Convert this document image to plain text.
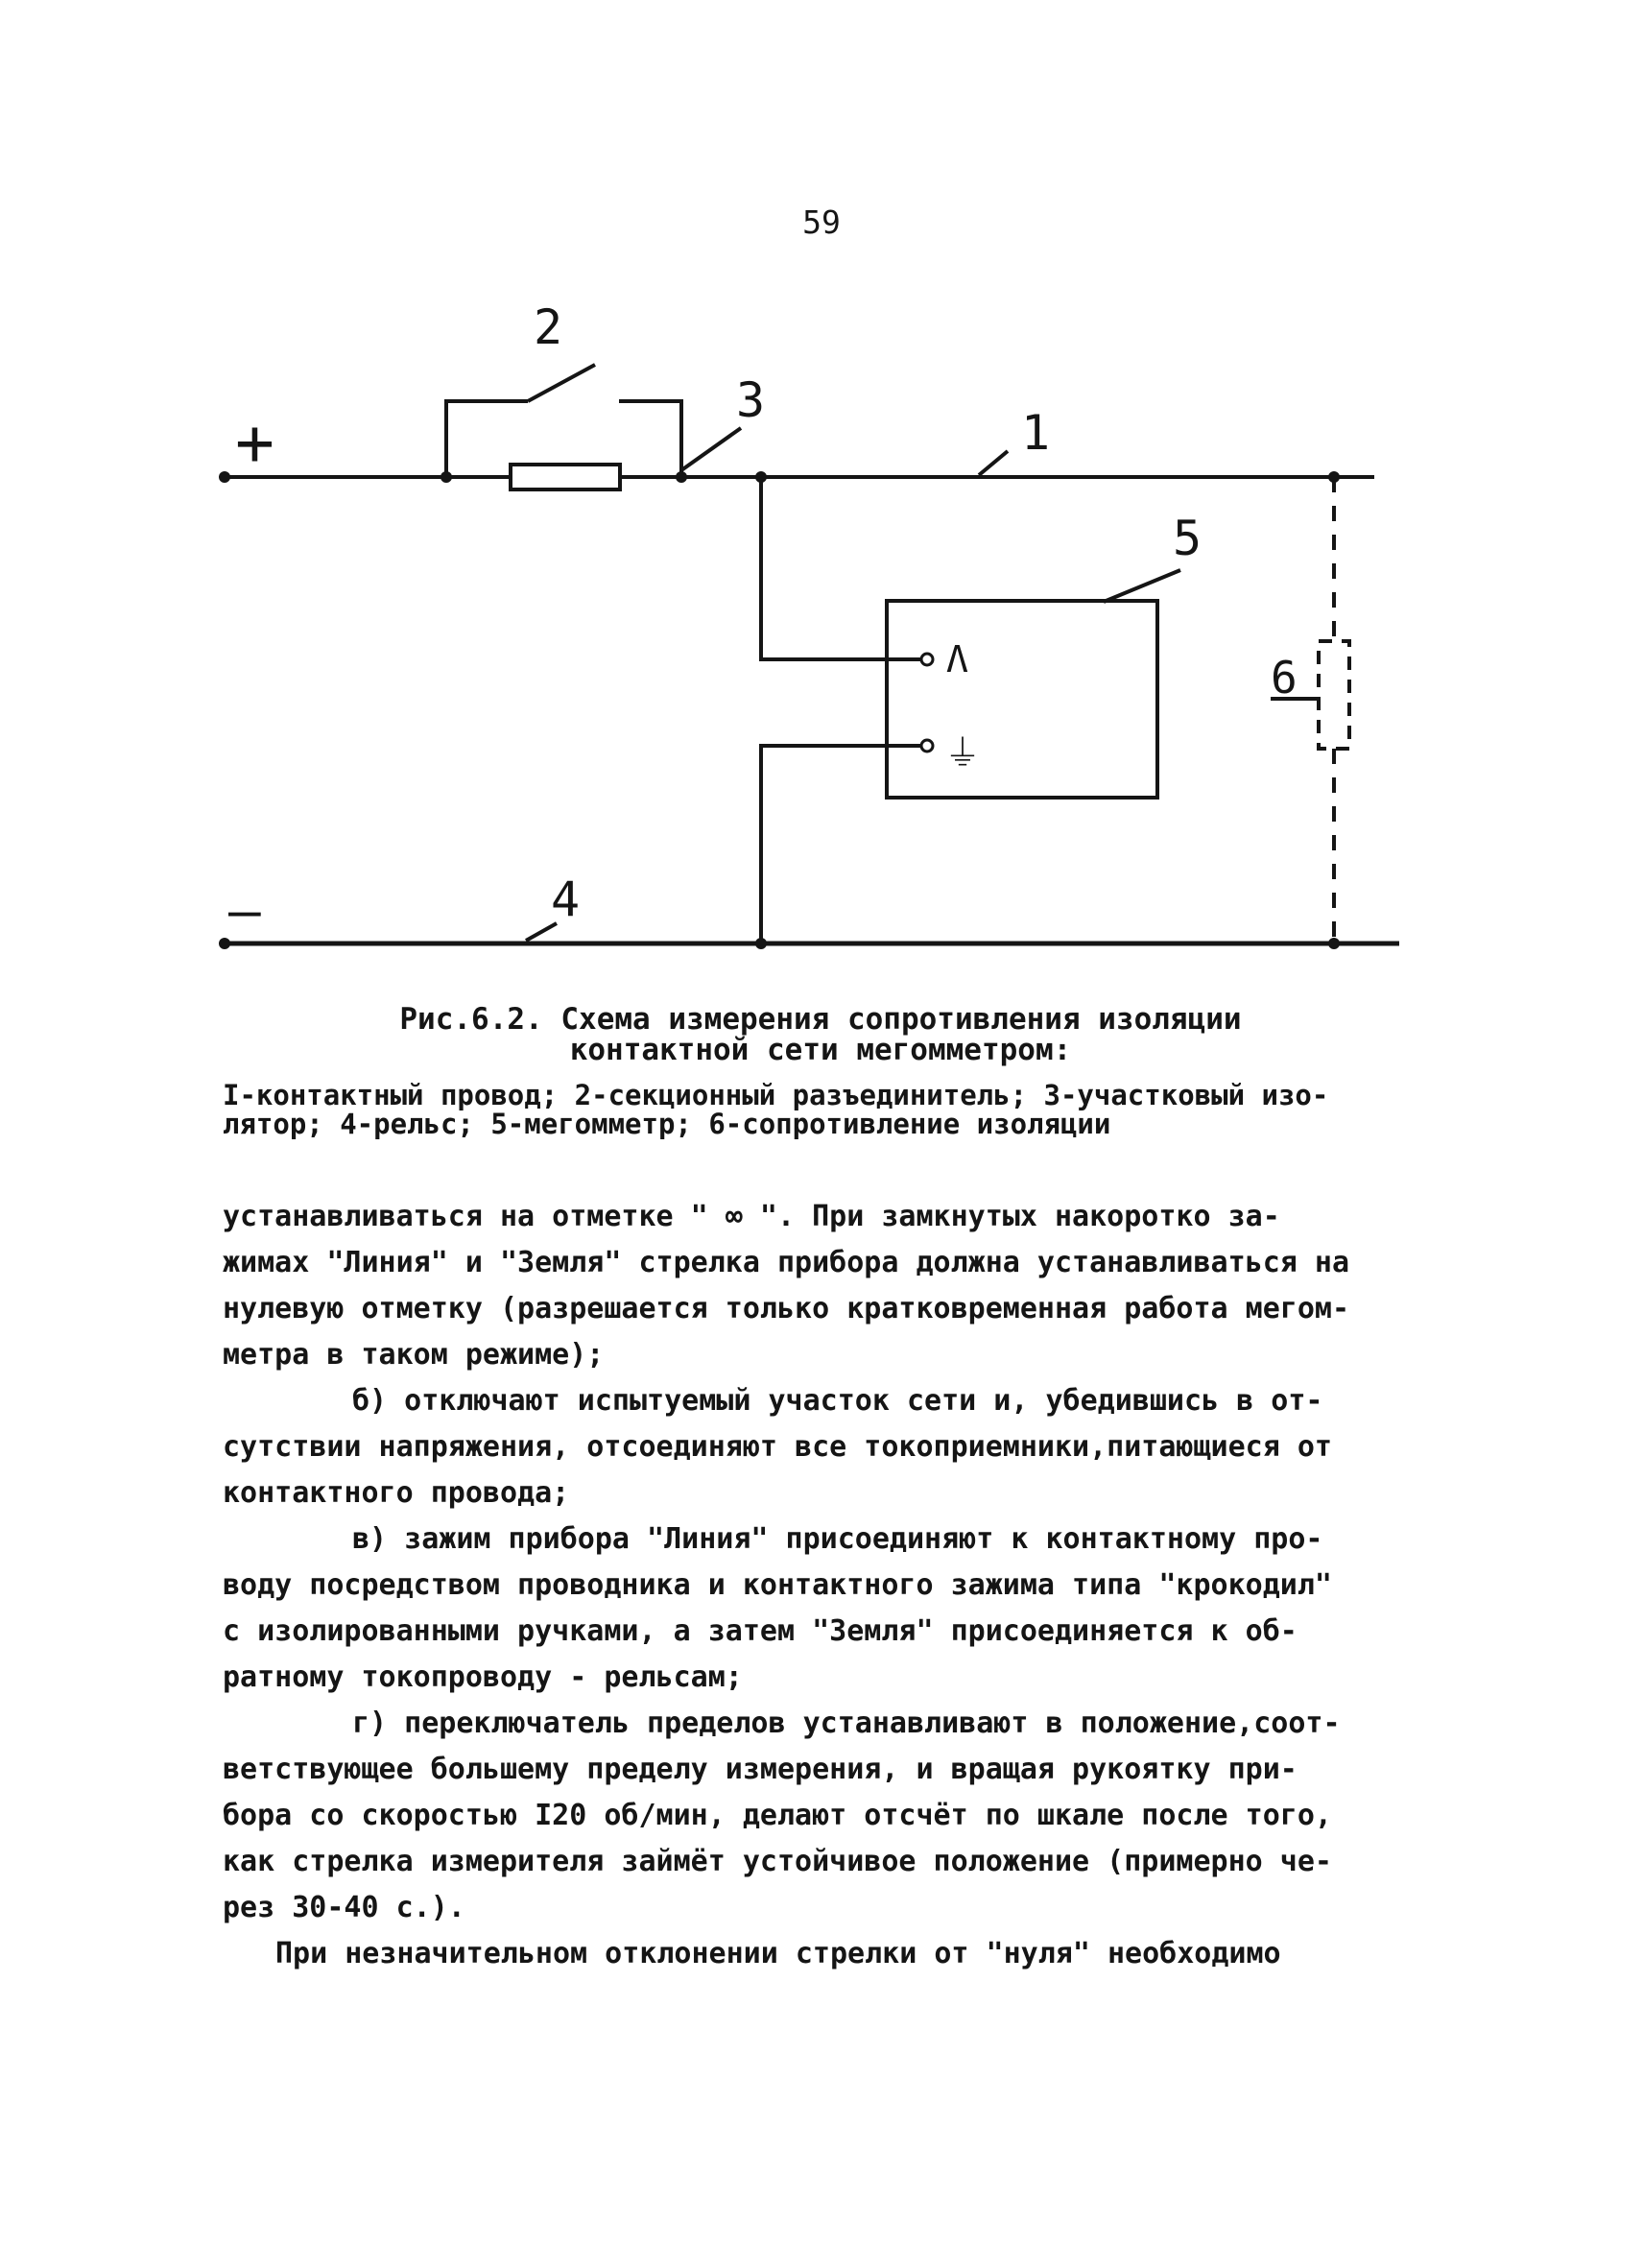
59
+
—
2
3
1
5
4
6
Λ
⏚
Рис.6.2. Схема измерения сопротивления изоляции
контактной сети мегомметром:
I-контактный провод; 2-секционный разъединитель; 3-участковый изо-
лятор; 4-рельс; 5-мегомметр; 6-сопротивление изоляции
устанавливаться на отметке " ∞ ". При замкнутых накоротко за-
жимах "Линия" и "Земля" стрелка прибора должна устанавливаться на
нулевую отметку (разрешается только кратковременная работа мегом-
метра в таком режиме);
б) отключают испытуемый участок сети и, убедившись в от-
сутствии напряжения, отсоединяют все токоприемники,питающиеся от
контактного провода;
в) зажим прибора "Линия" присоединяют к контактному про-
воду посредством проводника и контактного зажима типа "крокодил"
с изолированными ручками, а затем "Земля" присоединяется к об-
ратному токопроводу - рельсам;
г) переключатель пределов устанавливают в положение,соот-
ветствующее большему пределу измерения, и вращая рукоятку при-
бора со скоростью I20 об/мин, делают отсчёт по шкале после того,
как стрелка измерителя займёт устойчивое положение (примерно че-
рез 30-40 с.).
При незначительном отклонении стрелки от "нуля" необходимо
